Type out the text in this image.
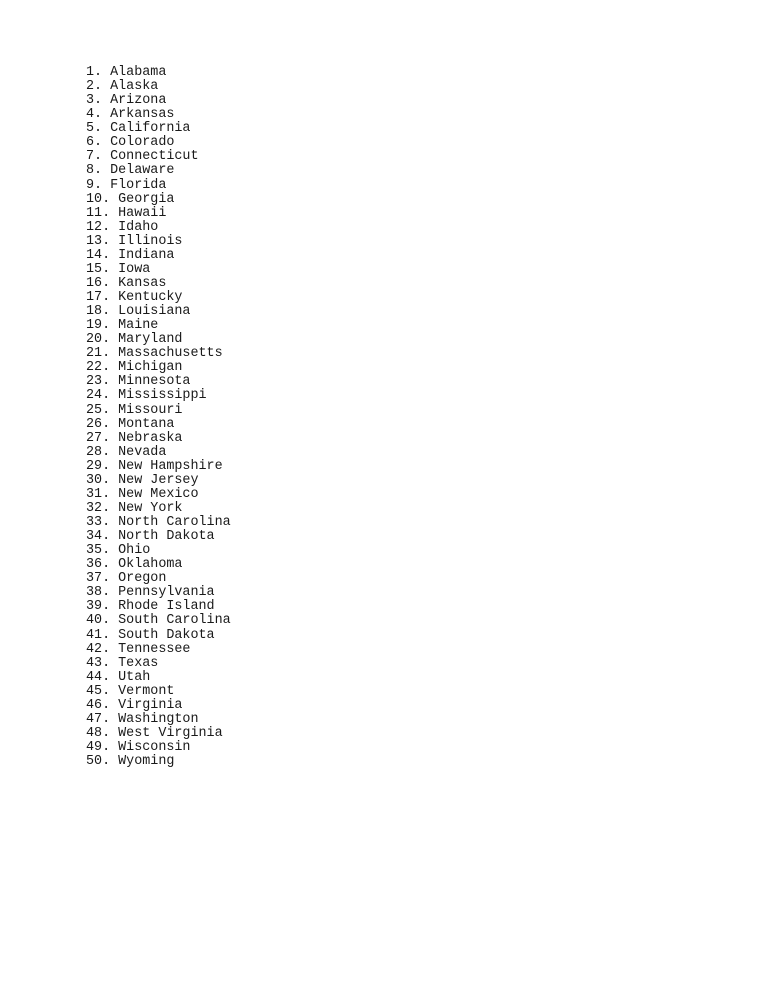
1. Alabama
2. Alaska
3. Arizona
4. Arkansas
5. California
6. Colorado
7. Connecticut
8. Delaware
9. Florida
10. Georgia
11. Hawaii
12. Idaho
13. Illinois
14. Indiana
15. Iowa
16. Kansas
17. Kentucky
18. Louisiana
19. Maine
20. Maryland
21. Massachusetts
22. Michigan
23. Minnesota
24. Mississippi
25. Missouri
26. Montana
27. Nebraska
28. Nevada
29. New Hampshire
30. New Jersey
31. New Mexico
32. New York
33. North Carolina
34. North Dakota
35. Ohio
36. Oklahoma
37. Oregon
38. Pennsylvania
39. Rhode Island
40. South Carolina
41. South Dakota
42. Tennessee
43. Texas
44. Utah
45. Vermont
46. Virginia
47. Washington
48. West Virginia
49. Wisconsin
50. Wyoming
